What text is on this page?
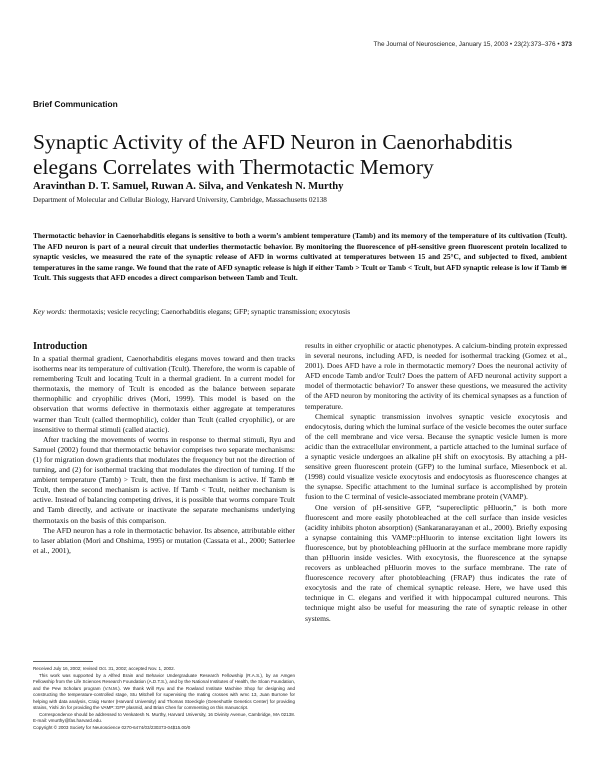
The Journal of Neuroscience, January 15, 2003 • 23(2):373–376 • 373
Brief Communication
Synaptic Activity of the AFD Neuron in Caenorhabditis elegans Correlates with Thermotactic Memory
Aravinthan D. T. Samuel, Ruwan A. Silva, and Venkatesh N. Murthy
Department of Molecular and Cellular Biology, Harvard University, Cambridge, Massachusetts 02138

Thermotactic behavior in Caenorhabditis elegans is sensitive to both a worm’s ambient temperature (Tamb) and its memory of the temperature of its cultivation (Tcult). The AFD neuron is part of a neural circuit that underlies thermotactic behavior. By monitoring the fluorescence of pH-sensitive green fluorescent protein localized to synaptic vesicles, we measured the rate of the synaptic release of AFD in worms cultivated at temperatures between 15 and 25°C, and subjected to fixed, ambient temperatures in the same range. We found that the rate of AFD synaptic release is high if either Tamb > Tcult or Tamb < Tcult, but AFD synaptic release is low if Tamb ≅ Tcult. This suggests that AFD encodes a direct comparison between Tamb and Tcult.

Key words: thermotaxis; vesicle recycling; Caenorhabditis elegans; GFP; synaptic transmission; exocytosis
Introduction

In a spatial thermal gradient, Caenorhabditis elegans moves toward and then tracks isotherms near its temperature of cultivation (Tcult). Therefore, the worm is capable of remembering Tcult and locating Tcult in a thermal gradient. In a current model for thermotaxis, the memory of Tcult is encoded as the balance between separate thermophilic and cryophilic drives (Mori, 1999). This model is based on the observation that worms defective in thermotaxis either aggregate at temperatures warmer than Tcult (called thermophilic), colder than Tcult (called cryophilic), or are insensitive to thermal stimuli (called atactic).

After tracking the movements of worms in response to thermal stimuli, Ryu and Samuel (2002) found that thermotactic behavior comprises two separate mechanisms: (1) for migration down gradients that modulates the frequency but not the direction of turning, and (2) for isothermal tracking that modulates the direction of turning. If the ambient temperature (Tamb) > Tcult, then the first mechanism is active. If Tamb ≅ Tcult, then the second mechanism is active. If Tamb < Tcult, neither mechanism is active. Instead of balancing competing drives, it is possible that worms compare Tcult and Tamb directly, and activate or inactivate the separate mechanisms underlying thermotaxis on the basis of this comparison.

The AFD neuron has a role in thermotactic behavior. Its absence, attributable either to laser ablation (Mori and Ohshima, 1995) or mutation (Cassata et al., 2000; Satterlee et al., 2001),

Received July 16, 2002; revised Oct. 31, 2002; accepted Nov. 1, 2002.

This work was supported by a Alfred Brain and Behavior Undergraduate Research Fellowship (R.A.S.), by an Amgen Fellowship from the Life Sciences Research Foundation (A.D.T.S.), and by the National Institutes of Health, the Sloan Foundation, and the Pew Scholars program (V.N.M.). We thank Will Ryu and the Rowland Institute Machine Shop for designing and constructing the temperature-controlled stage, Stu Mitchell for supervising the mating crosses with wmc 13, Juan Burrone for helping with data analysis, Craig Hunter (Harvard University) and Thomas Stoeckgle (Geneshuttle Genetics Center) for providing strains, Yishi Jin for providing the VAMP::GFP plasmid, and Brian Chen for commenting on this manuscript.

Correspondence should be addressed to Venkatesh N. Murthy, Harvard University, 16 Divinity Avenue, Cambridge, MA 02138. E-mail: vmurthy@fas.harvard.edu.

Copyright © 2003 Society for Neuroscience 0270-6474/03/230373-04$15.00/0

results in either cryophilic or atactic phenotypes. A calcium-binding protein expressed in several neurons, including AFD, is needed for isothermal tracking (Gomez et al., 2001). Does AFD have a role in thermotactic memory? Does the neuronal activity of AFD encode Tamb and/or Tcult? Does the pattern of AFD neuronal activity support a model of thermotactic behavior? To answer these questions, we measured the activity of the AFD neuron by monitoring the activity of its chemical synapses as a function of temperature.

Chemical synaptic transmission involves synaptic vesicle exocytosis and endocytosis, during which the luminal surface of the vesicle becomes the outer surface of the cell membrane and vice versa. Because the synaptic vesicle lumen is more acidic than the extracellular environment, a particle attached to the luminal surface of a synaptic vesicle undergoes an alkaline pH shift on exocytosis. By attaching a pH-sensitive green fluorescent protein (GFP) to the luminal surface, Miesenbock et al. (1998) could visualize vesicle exocytosis and endocytosis as fluorescence changes at the synapse. Specific attachment to the luminal surface is accomplished by protein fusion to the C terminal of vesicle-associated membrane protein (VAMP).

One version of pH-sensitive GFP, “superecliptic pHluorin,” is both more fluorescent and more easily photobleached at the cell surface than inside vesicles (acidity inhibits photon absorption) (Sankaranarayanan et al., 2000). Briefly exposing a synapse containing this VAMP::pHluorin to intense excitation light lowers its fluorescence, but by photobleaching pHluorin at the surface membrane more rapidly than pHluorin inside vesicles. With exocytosis, the fluorescence at the synapse recovers as unbleached pHluorin moves to the surface membrane. The rate of fluorescence recovery after photobleaching (FRAP) thus indicates the rate of exocytosis and the rate of chemical synaptic release. Here, we have used this technique in C. elegans and verified it with hippocampal cultured neurons. This technique might also be useful for measuring the rate of synaptic release in other systems.
